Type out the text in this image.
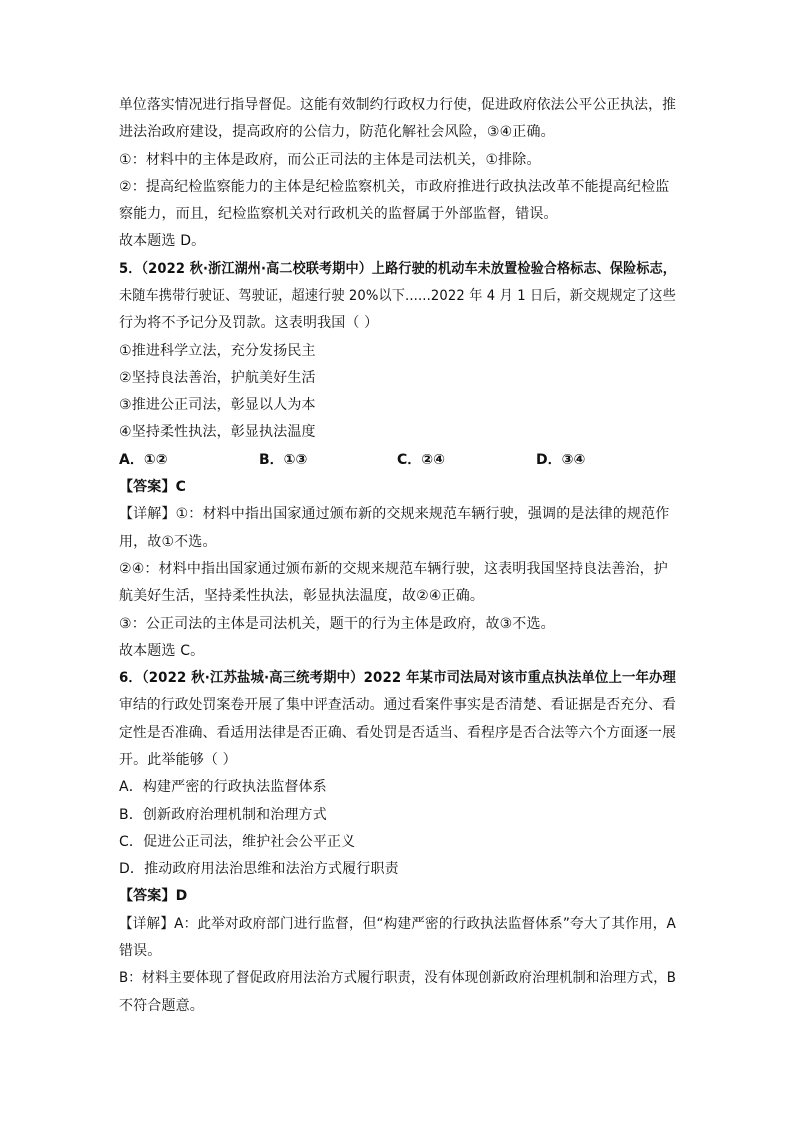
单位落实情况进行指导督促。这能有效制约行政权力行使，促进政府依法公平公正执法，推
进法治政府建设，提高政府的公信力，防范化解社会风险，③④正确。
①：材料中的主体是政府，而公正司法的主体是司法机关，①排除。
②：提高纪检监察能力的主体是纪检监察机关，市政府推进行政执法改革不能提高纪检监
察能力，而且，纪检监察机关对行政机关的监督属于外部监督，错误。
故本题选 D。
5．（2022 秋·浙江湖州·高二校联考期中）上路行驶的机动车未放置检验合格标志、保险标志，
未随车携带行驶证、驾驶证，超速行驶 20%以下......2022 年 4 月 1 日后，新交规规定了这些
行为将不予记分及罚款。这表明我国（ ）
①推进科学立法，充分发扬民主
②坚持良法善治，护航美好生活
③推进公正司法，彰显以人为本
④坚持柔性执法，彰显执法温度
A．①②	B．①③	C．②④	D．③④
【答案】C
【详解】①：材料中指出国家通过颁布新的交规来规范车辆行驶，强调的是法律的规范作
用，故①不选。
②④：材料中指出国家通过颁布新的交规来规范车辆行驶，这表明我国坚持良法善治，护
航美好生活，坚持柔性执法，彰显执法温度，故②④正确。
③：公正司法的主体是司法机关，题干的行为主体是政府，故③不选。
故本题选 C。
6．（2022 秋·江苏盐城·高三统考期中）2022 年某市司法局对该市重点执法单位上一年办理
审结的行政处罚案卷开展了集中评查活动。通过看案件事实是否清楚、看证据是否充分、看
定性是否准确、看适用法律是否正确、看处罚是否适当、看程序是否合法等六个方面逐一展
开。此举能够（ ）
A．构建严密的行政执法监督体系
B．创新政府治理机制和治理方式
C．促进公正司法，维护社会公平正义
D．推动政府用法治思维和法治方式履行职责
【答案】D
【详解】A：此举对政府部门进行监督，但“构建严密的行政执法监督体系”夸大了其作用，A
错误。
B：材料主要体现了督促政府用法治方式履行职责，没有体现创新政府治理机制和治理方式，B
不符合题意。
